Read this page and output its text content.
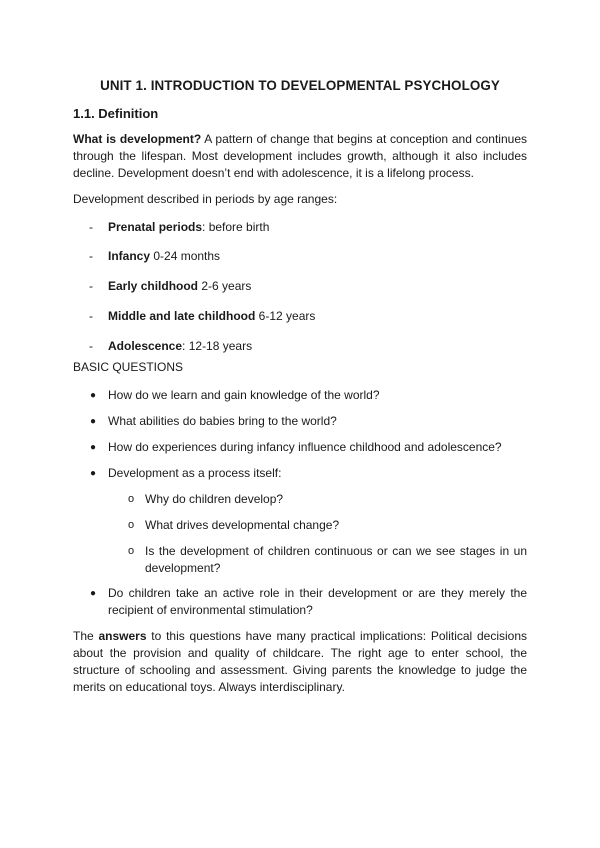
UNIT 1. INTRODUCTION TO DEVELOPMENTAL PSYCHOLOGY
1.1. Definition

What is development? A pattern of change that begins at conception and continues through the lifespan. Most development includes growth, although it also includes decline. Development doesn’t end with adolescence, it is a lifelong process.

Development described in periods by age ranges:

- Prenatal periods: before birth
- Infancy 0-24 months
- Early childhood 2-6 years
- Middle and late childhood 6-12 years
- Adolescence: 12-18 years

BASIC QUESTIONS

● How do we learn and gain knowledge of the world?
● What abilities do babies bring to the world?
● How do experiences during infancy influence childhood and adolescence?
● Development as a process itself:
o Why do children develop?
o What drives developmental change?
o Is the development of children continuous or can we see stages in un development?
● Do children take an active role in their development or are they merely the recipient of environmental stimulation?

The answers to this questions have many practical implications: Political decisions about the provision and quality of childcare. The right age to enter school, the structure of schooling and assessment. Giving parents the knowledge to judge the merits on educational toys. Always interdisciplinary.
